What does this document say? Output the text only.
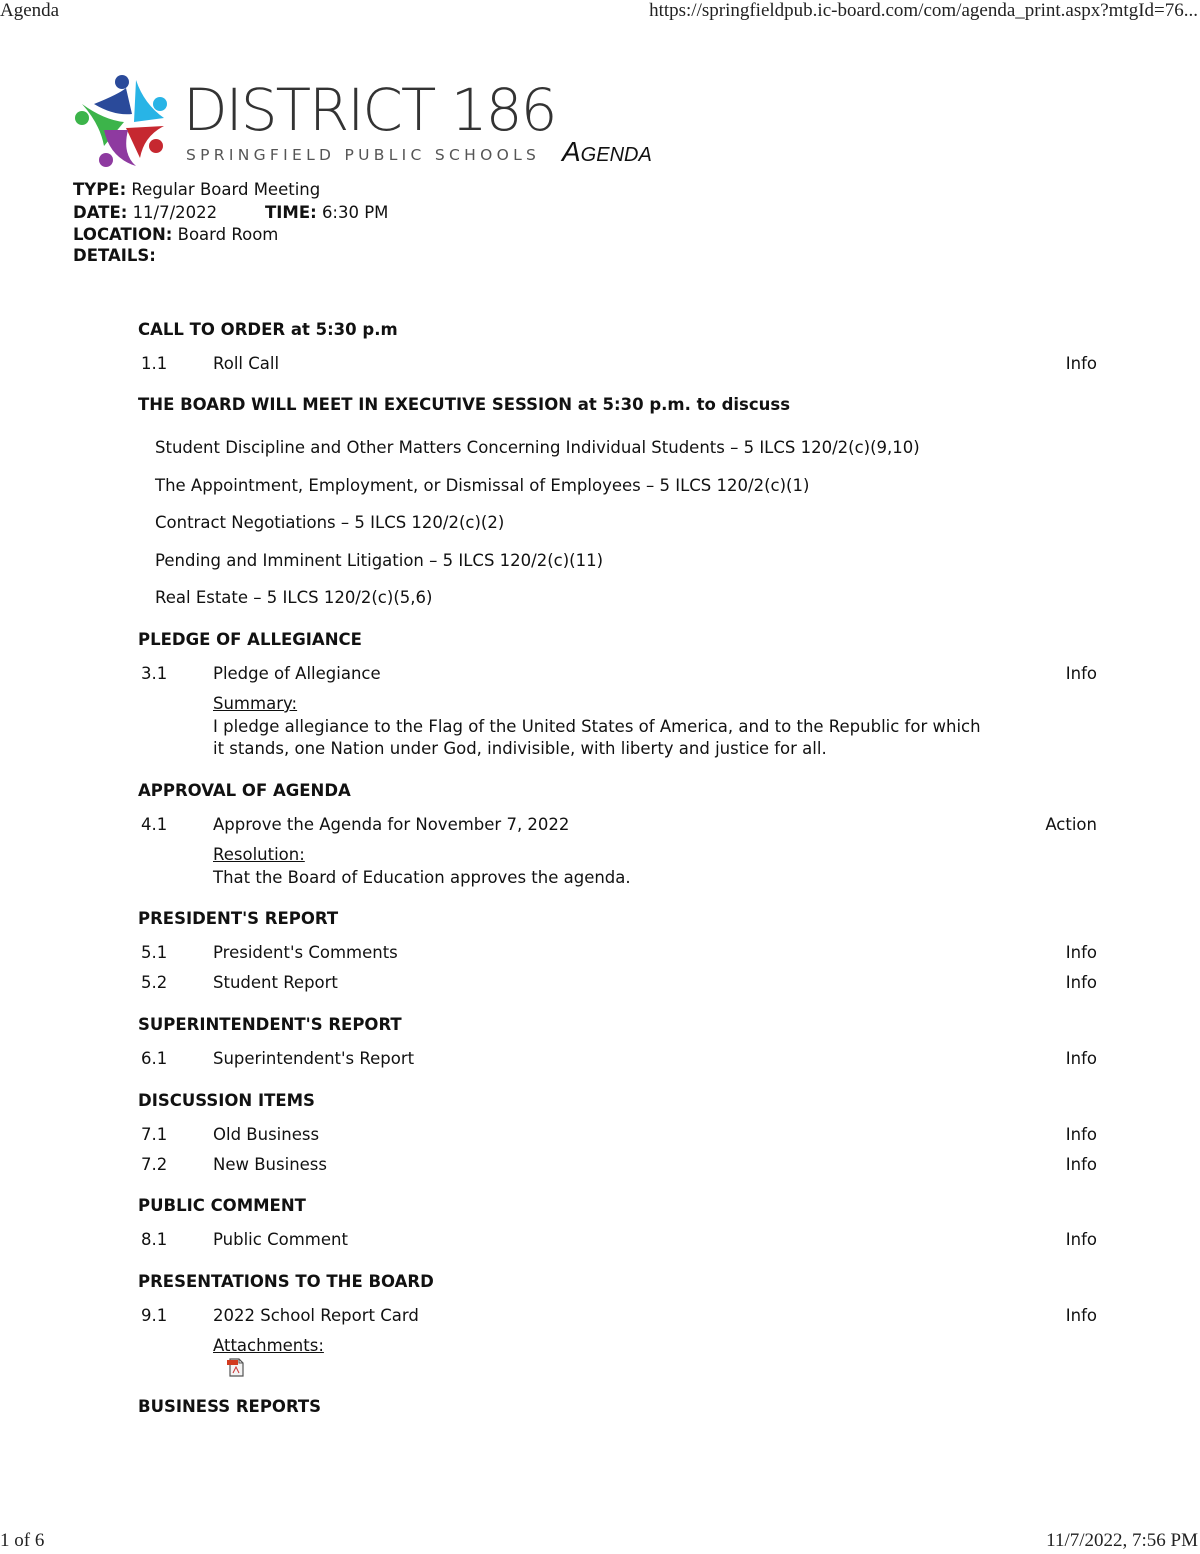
Agenda	https://springfieldpub.ic-board.com/com/agenda_print.aspx?mtgId=76...
DISTRICT 186
SPRINGFIELD PUBLIC SCHOOLS Agenda
TYPE: Regular Board Meeting
DATE: 11/7/2022	TIME: 6:30 PM
LOCATION: Board Room
DETAILS:
CALL TO ORDER at 5:30 p.m
1.1	Roll Call	Info
THE BOARD WILL MEET IN EXECUTIVE SESSION at 5:30 p.m. to discuss
Student Discipline and Other Matters Concerning Individual Students – 5 ILCS 120/2(c)(9,10)
The Appointment, Employment, or Dismissal of Employees – 5 ILCS 120/2(c)(1)
Contract Negotiations – 5 ILCS 120/2(c)(2)
Pending and Imminent Litigation – 5 ILCS 120/2(c)(11)
Real Estate – 5 ILCS 120/2(c)(5,6)
PLEDGE OF ALLEGIANCE
3.1	Pledge of Allegiance	Info
Summary:
I pledge allegiance to the Flag of the United States of America, and to the Republic for which it stands, one Nation under God, indivisible, with liberty and justice for all.
APPROVAL OF AGENDA
4.1	Approve the Agenda for November 7, 2022	Action
Resolution:
That the Board of Education approves the agenda.
PRESIDENT'S REPORT
5.1	President's Comments	Info
5.2	Student Report	Info
SUPERINTENDENT'S REPORT
6.1	Superintendent's Report	Info
DISCUSSION ITEMS
7.1	Old Business	Info
7.2	New Business	Info
PUBLIC COMMENT
8.1	Public Comment	Info
PRESENTATIONS TO THE BOARD
9.1	2022 School Report Card	Info
Attachments:
BUSINESS REPORTS
1 of 6	11/7/2022, 7:56 PM
